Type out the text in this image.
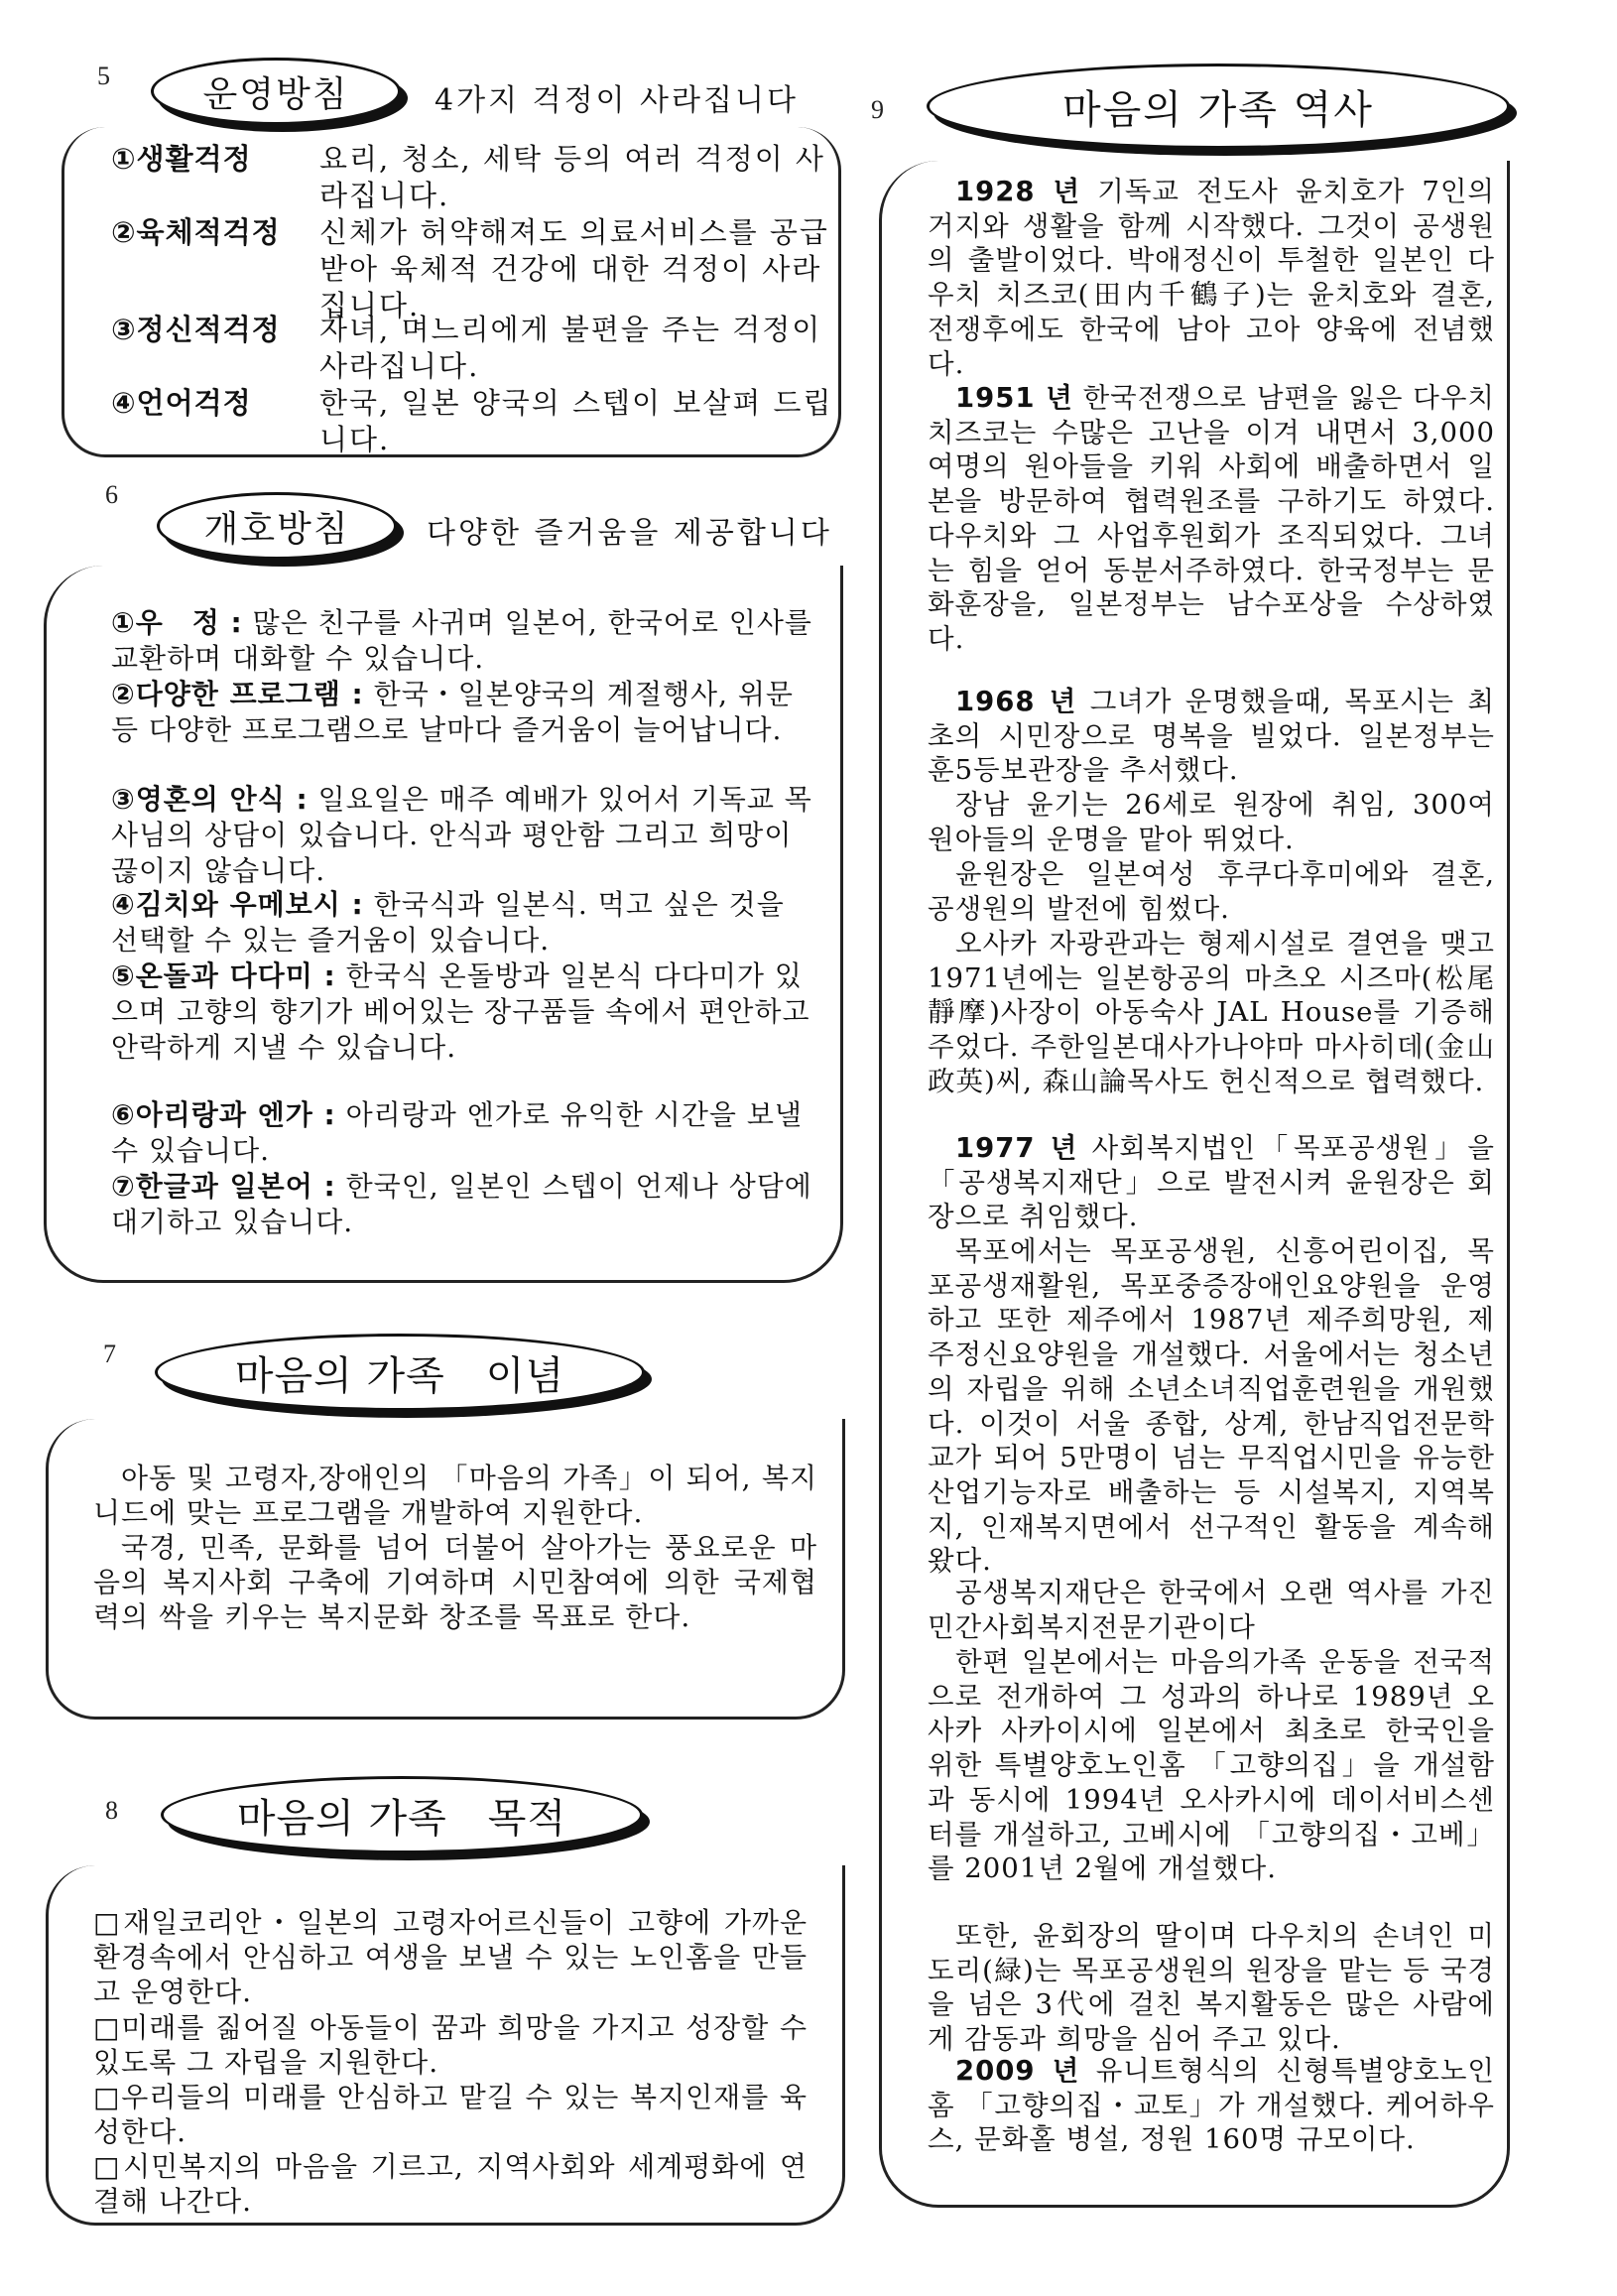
5	운영방침	4가지 걱정이 사라집니다
①생활걱정 요리, 청소, 세탁 등의 여러 걱정이 사라집니다.
②육체적걱정 신체가 허약해져도 의료서비스를 공급 받아 육체적 건강에 대한 걱정이 사라집니다.
③정신적걱정 자녀, 며느리에게 불편을 주는 걱정이 사라집니다.
④언어걱정 한국, 일본 양국의 스텝이 보살펴 드립니다.
6
개호방침	다양한 즐거움을 제공합니다
①우　정 : 많은 친구를 사귀며 일본어, 한국어로 인사를 교환하며 대화할 수 있습니다.
②다양한 프로그램 : 한국・일본양국의 계절행사, 위문 등 다양한 프로그램으로 날마다 즐거움이 늘어납니다.
③영혼의 안식 : 일요일은 매주 예배가 있어서 기독교 목사님의 상담이 있습니다. 안식과 평안함 그리고 희망이 끊이지 않습니다.
④김치와 우메보시 : 한국식과 일본식. 먹고 싶은 것을 선택할 수 있는 즐거움이 있습니다.
⑤온돌과 다다미 : 한국식 온돌방과 일본식 다다미가 있으며 고향의 향기가 베어있는 장구품들 속에서 편안하고 안락하게 지낼 수 있습니다.
⑥아리랑과 엔가 : 아리랑과 엔가로 유익한 시간을 보낼 수 있습니다.
⑦한글과 일본어 : 한국인, 일본인 스텝이 언제나 상담에 대기하고 있습니다.
7	마음의 가족　이념
아동 및 고령자,장애인의 「마음의 가족」이 되어, 복지니드에 맞는 프로그램을 개발하여 지원한다.
국경, 민족, 문화를 넘어 더불어 살아가는 풍요로운 마음의 복지사회 구축에 기여하며 시민참여에 의한 국제협력의 싹을 키우는 복지문화 창조를 목표로 한다.
8	마음의 가족　목적
□재일코리안・일본의 고령자어르신들이 고향에 가까운 환경속에서 안심하고 여생을 보낼 수 있는 노인홈을 만들고 운영한다.
□미래를 짊어질 아동들이 꿈과 희망을 가지고 성장할 수 있도록 그 자립을 지원한다.
□우리들의 미래를 안심하고 맡길 수 있는 복지인재를 육성한다.
□시민복지의 마음을 기르고, 지역사회와 세계평화에 연결해 나간다.
9	마음의 가족 역사
1928 년 기독교 전도사 윤치호가 7인의 거지와 생활을 함께 시작했다. 그것이 공생원의 출발이었다. 박애정신이 투철한 일본인 다우치 치즈코(田内千鶴子)는 윤치호와 결혼, 전쟁후에도 한국에 남아 고아 양육에 전념했다.
1951 년 한국전쟁으로 남편을 잃은 다우치치즈코는 수많은 고난을 이겨 내면서 3,000 여명의 원아들을 키워 사회에 배출하면서 일본을 방문하여 협력원조를 구하기도 하였다. 다우치와 그 사업후원회가 조직되었다. 그녀는 힘을 얻어 동분서주하였다. 한국정부는 문화훈장을, 일본정부는 남수포상을 수상하였다.
1968 년 그녀가 운명했을때, 목포시는 최초의 시민장으로 명복을 빌었다. 일본정부는 훈5등보관장을 추서했다.
장남 윤기는 26세로 원장에 취임, 300여 원아들의 운명을 맡아 뛰었다.
윤원장은 일본여성 후쿠다후미에와 결혼, 공생원의 발전에 힘썼다.
오사카 자광관과는 형제시설로 결연을 맺고 1971년에는 일본항공의 마츠오 시즈마(松尾靜摩)사장이 아동숙사 JAL House를 기증해 주었다. 주한일본대사가나야마 마사히데(金山政英)씨, 森山論목사도 헌신적으로 협력했다.
1977 년 사회복지법인「목포공생원」을「공생복지재단」으로 발전시켜 윤원장은 회장으로 취임했다.
목포에서는 목포공생원, 신흥어린이집, 목포공생재활원, 목포중증장애인요양원을 운영하고 또한 제주에서 1987년 제주희망원, 제주정신요양원을 개설했다. 서울에서는 청소년의 자립을 위해 소년소녀직업훈련원을 개원했다. 이것이 서울 종합, 상계, 한남직업전문학교가 되어 5만명이 넘는 무직업시민을 유능한 산업기능자로 배출하는 등 시설복지, 지역복지, 인재복지면에서 선구적인 활동을 계속해왔다.
공생복지재단은 한국에서 오랜 역사를 가진 민간사회복지전문기관이다
한편 일본에서는 마음의가족 운동을 전국적으로 전개하여 그 성과의 하나로 1989년 오사카 사카이시에 일본에서 최초로 한국인을 위한 특별양호노인홈 「고향의집」을 개설함과 동시에 1994년 오사카시에 데이서비스센터를 개설하고, 고베시에 「고향의집・고베」를 2001년 2월에 개설했다.
또한, 윤회장의 딸이며 다우치의 손녀인 미도리(緑)는 목포공생원의 원장을 맡는 등 국경을 넘은 3代에 걸친 복지활동은 많은 사람에게 감동과 희망을 심어 주고 있다.
2009 년 유니트형식의 신형특별양호노인홈 「고향의집・교토」가 개설했다. 케어하우스, 문화홀 병설, 정원 160명 규모이다.
